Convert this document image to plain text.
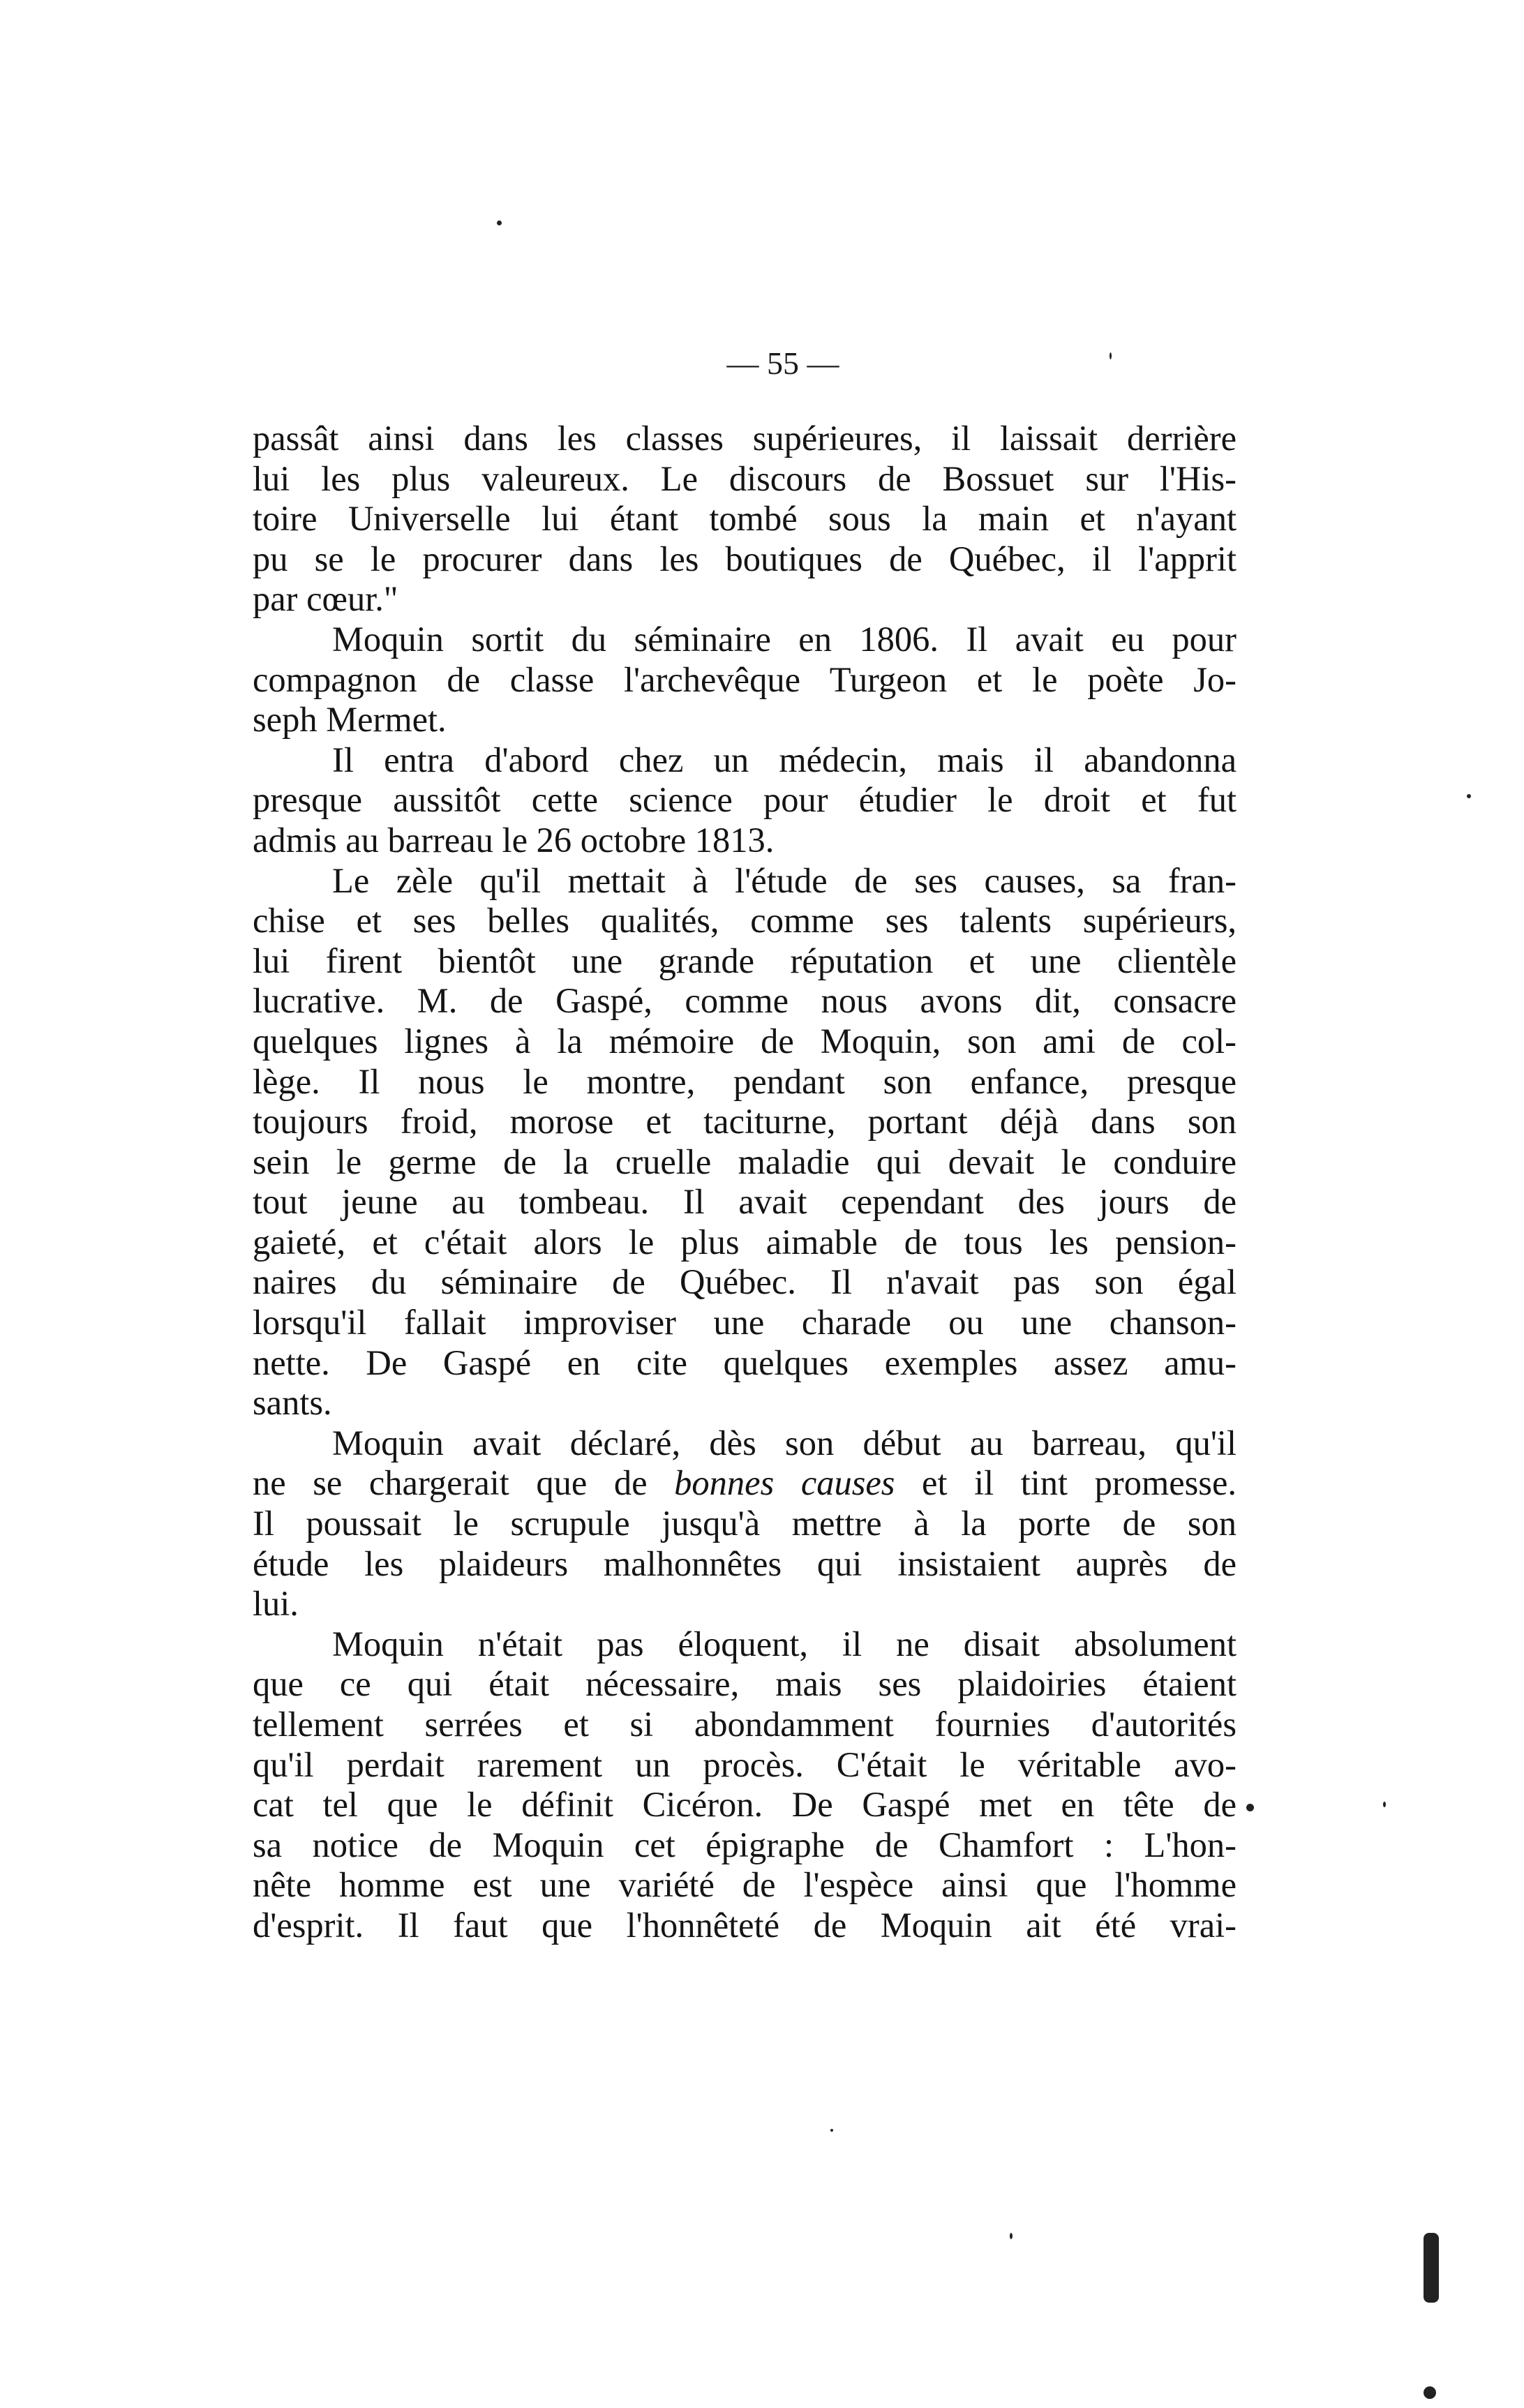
— 55 —
passât ainsi dans les classes supérieures, il laissait derrière
lui les plus valeureux. Le discours de Bossuet sur l'His-
toire Universelle lui étant tombé sous la main et n'ayant
pu se le procurer dans les boutiques de Québec, il l'apprit
par cœur."
Moquin sortit du séminaire en 1806. Il avait eu pour
compagnon de classe l'archevêque Turgeon et le poète Jo-
seph Mermet.
Il entra d'abord chez un médecin, mais il abandonna
presque aussitôt cette science pour étudier le droit et fut
admis au barreau le 26 octobre 1813.
Le zèle qu'il mettait à l'étude de ses causes, sa fran-
chise et ses belles qualités, comme ses talents supérieurs,
lui firent bientôt une grande réputation et une clientèle
lucrative. M. de Gaspé, comme nous avons dit, consacre
quelques lignes à la mémoire de Moquin, son ami de col-
lège. Il nous le montre, pendant son enfance, presque
toujours froid, morose et taciturne, portant déjà dans son
sein le germe de la cruelle maladie qui devait le conduire
tout jeune au tombeau. Il avait cependant des jours de
gaieté, et c'était alors le plus aimable de tous les pension-
naires du séminaire de Québec. Il n'avait pas son égal
lorsqu'il fallait improviser une charade ou une chanson-
nette. De Gaspé en cite quelques exemples assez amu-
sants.
Moquin avait déclaré, dès son début au barreau, qu'il
ne se chargerait que de bonnes causes et il tint promesse.
Il poussait le scrupule jusqu'à mettre à la porte de son
étude les plaideurs malhonnêtes qui insistaient auprès de
lui.
Moquin n'était pas éloquent, il ne disait absolument
que ce qui était nécessaire, mais ses plaidoiries étaient
tellement serrées et si abondamment fournies d'autorités
qu'il perdait rarement un procès. C'était le véritable avo-
cat tel que le définit Cicéron. De Gaspé met en tête de
sa notice de Moquin cet épigraphe de Chamfort : L'hon-
nête homme est une variété de l'espèce ainsi que l'homme
d'esprit. Il faut que l'honnêteté de Moquin ait été vrai-
